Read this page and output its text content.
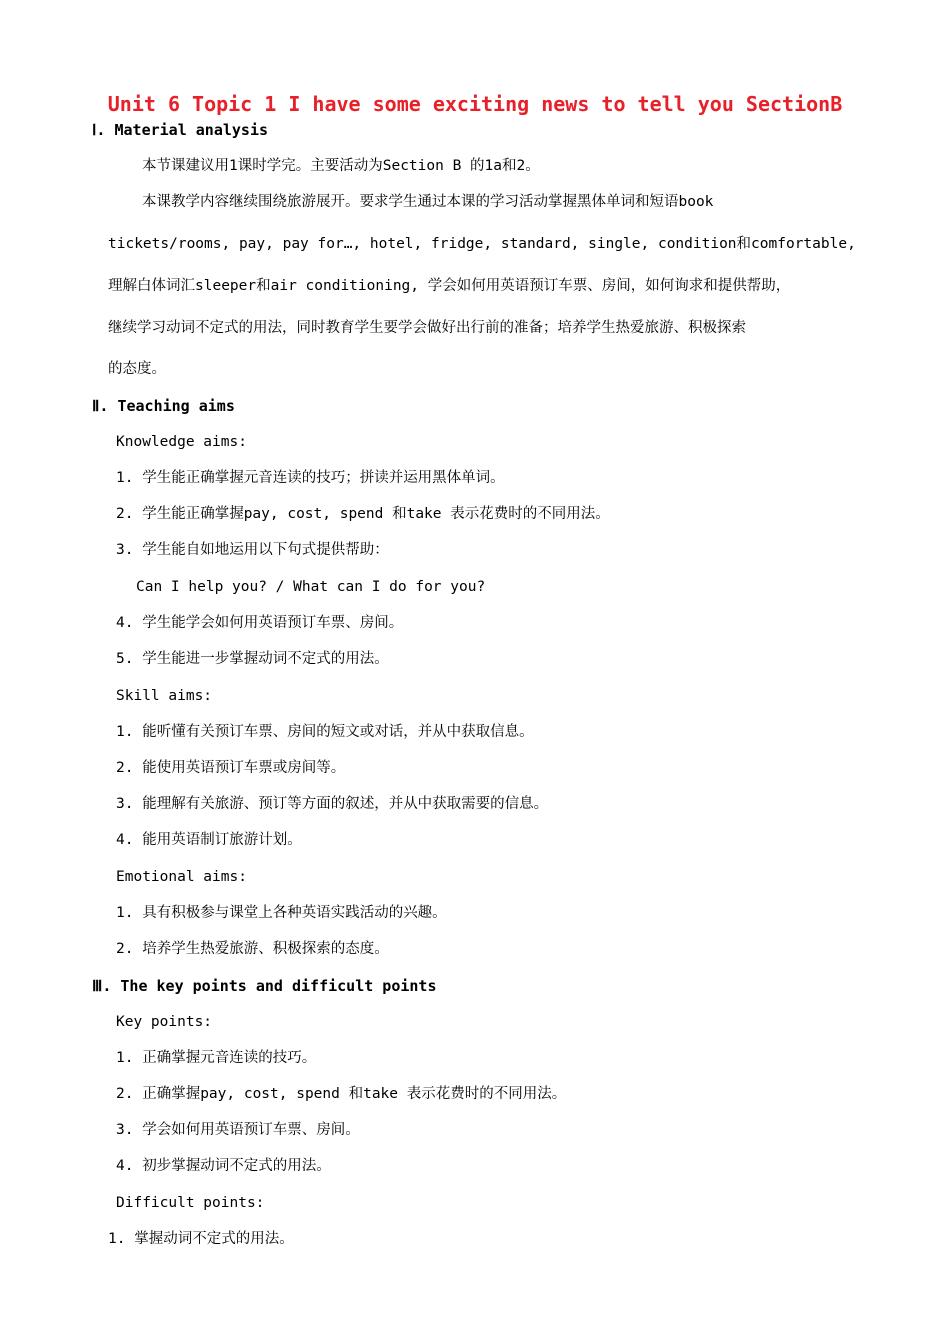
Unit 6 Topic 1 I have some exciting news to tell you SectionB
Ⅰ. Material analysis
本节课建议用1课时学完。主要活动为Section B 的1a和2。
本课教学内容继续围绕旅游展开。要求学生通过本课的学习活动掌握黑体单词和短语book
tickets/rooms, pay, pay for…, hotel, fridge, standard, single, condition和comfortable,
理解白体词汇sleeper和air conditioning, 学会如何用英语预订车票、房间，如何询求和提供帮助，
继续学习动词不定式的用法，同时教育学生要学会做好出行前的准备；培养学生热爱旅游、积极探索
的态度。
Ⅱ. Teaching aims
Knowledge aims:
1. 学生能正确掌握元音连读的技巧；拼读并运用黑体单词。
2. 学生能正确掌握pay, cost, spend 和take 表示花费时的不同用法。
3. 学生能自如地运用以下句式提供帮助：
Can I help you? / What can I do for you?
4. 学生能学会如何用英语预订车票、房间。
5. 学生能进一步掌握动词不定式的用法。
Skill aims:
1. 能听懂有关预订车票、房间的短文或对话，并从中获取信息。
2. 能使用英语预订车票或房间等。
3. 能理解有关旅游、预订等方面的叙述，并从中获取需要的信息。
4. 能用英语制订旅游计划。
Emotional aims:
1. 具有积极参与课堂上各种英语实践活动的兴趣。
2. 培养学生热爱旅游、积极探索的态度。
Ⅲ. The key points and difficult points
Key points:
1. 正确掌握元音连读的技巧。
2. 正确掌握pay, cost, spend 和take 表示花费时的不同用法。
3. 学会如何用英语预订车票、房间。
4. 初步掌握动词不定式的用法。
Difficult points:
1. 掌握动词不定式的用法。
